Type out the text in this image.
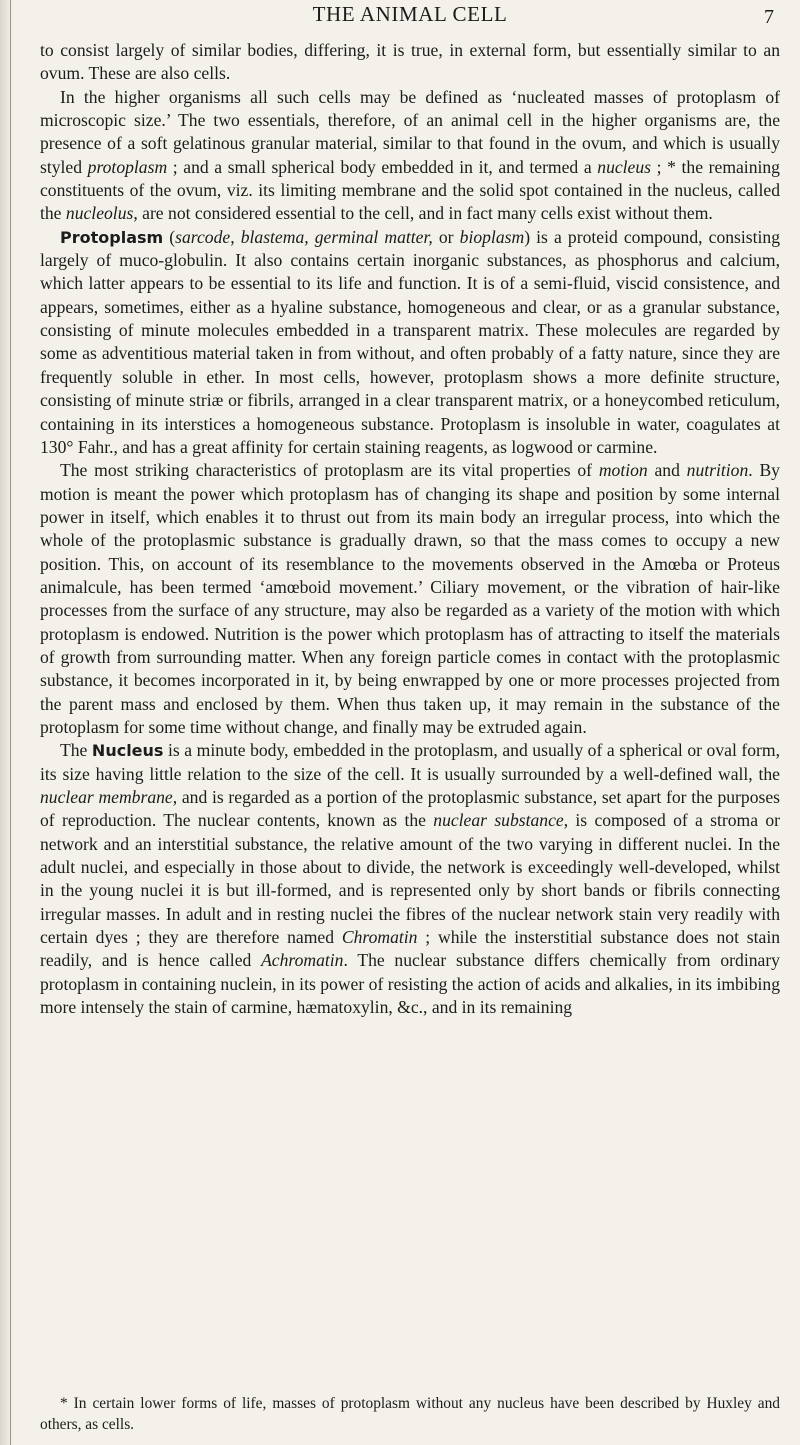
THE ANIMAL CELL	7

to consist largely of similar bodies, differing, it is true, in external form, but essentially similar to an ovum. These are also cells.

In the higher organisms all such cells may be defined as ‘nucleated masses of protoplasm of microscopic size.’ The two essentials, therefore, of an animal cell in the higher organisms are, the presence of a soft gelatinous granular material, similar to that found in the ovum, and which is usually styled protoplasm ; and a small spherical body embedded in it, and termed a nucleus ; * the remaining constituents of the ovum, viz. its limiting membrane and the solid spot contained in the nucleus, called the nucleolus, are not considered essential to the cell, and in fact many cells exist without them.

Protoplasm (sarcode, blastema, germinal matter, or bioplasm) is a proteid compound, consisting largely of muco-globulin. It also contains certain inorganic substances, as phosphorus and calcium, which latter appears to be essential to its life and function. It is of a semi-fluid, viscid consistence, and appears, sometimes, either as a hyaline substance, homogeneous and clear, or as a granular substance, consisting of minute molecules embedded in a transparent matrix. These molecules are regarded by some as adventitious material taken in from without, and often probably of a fatty nature, since they are frequently soluble in ether. In most cells, however, protoplasm shows a more definite structure, consisting of minute striæ or fibrils, arranged in a clear transparent matrix, or a honeycombed reticulum, containing in its interstices a homogeneous substance. Protoplasm is insoluble in water, coagulates at 130° Fahr., and has a great affinity for certain staining reagents, as logwood or carmine.

The most striking characteristics of protoplasm are its vital properties of motion and nutrition. By motion is meant the power which protoplasm has of changing its shape and position by some internal power in itself, which enables it to thrust out from its main body an irregular process, into which the whole of the protoplasmic substance is gradually drawn, so that the mass comes to occupy a new position. This, on account of its resemblance to the movements observed in the Amœba or Proteus animalcule, has been termed ‘amœboid movement.’ Ciliary movement, or the vibration of hair-like processes from the surface of any structure, may also be regarded as a variety of the motion with which protoplasm is endowed. Nutrition is the power which protoplasm has of attracting to itself the materials of growth from surrounding matter. When any foreign particle comes in contact with the protoplasmic substance, it becomes incorporated in it, by being enwrapped by one or more processes projected from the parent mass and enclosed by them. When thus taken up, it may remain in the substance of the protoplasm for some time without change, and finally may be extruded again.

The Nucleus is a minute body, embedded in the protoplasm, and usually of a spherical or oval form, its size having little relation to the size of the cell. It is usually surrounded by a well-defined wall, the nuclear membrane, and is regarded as a portion of the protoplasmic substance, set apart for the purposes of reproduction. The nuclear contents, known as the nuclear substance, is composed of a stroma or network and an interstitial substance, the relative amount of the two varying in different nuclei. In the adult nuclei, and especially in those about to divide, the network is exceedingly well-developed, whilst in the young nuclei it is but ill-formed, and is represented only by short bands or fibrils connecting irregular masses. In adult and in resting nuclei the fibres of the nuclear network stain very readily with certain dyes ; they are therefore named Chromatin ; while the insterstitial substance does not stain readily, and is hence called Achromatin. The nuclear substance differs chemically from ordinary protoplasm in containing nuclein, in its power of resisting the action of acids and alkalies, in its imbibing more intensely the stain of carmine, hæmatoxylin, &c., and in its remaining

* In certain lower forms of life, masses of protoplasm without any nucleus have been described by Huxley and others, as cells.
